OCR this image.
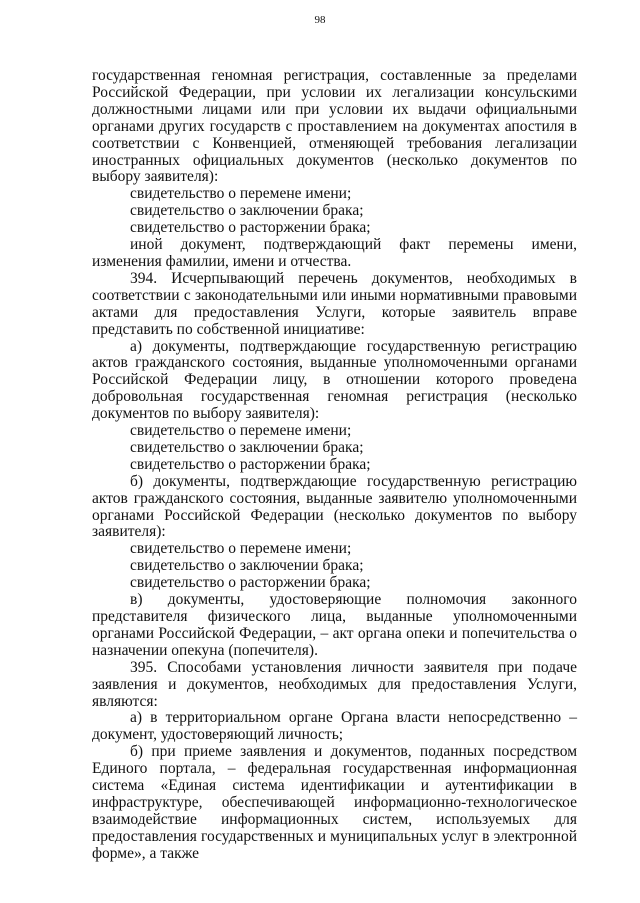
98

государственная геномная регистрация, составленные за пределами Российской Федерации, при условии их легализации консульскими должностными лицами или при условии их выдачи официальными органами других государств с проставлением на документах апостиля в соответствии с Конвенцией, отменяющей требования легализации иностранных официальных документов (несколько документов по выбору заявителя):

свидетельство о перемене имени;

свидетельство о заключении брака;

свидетельство о расторжении брака;

иной документ, подтверждающий факт перемены имени, изменения фамилии, имени и отчества.

394. Исчерпывающий перечень документов, необходимых в соответствии с законодательными или иными нормативными правовыми актами для предоставления Услуги, которые заявитель вправе представить по собственной инициативе:

а) документы, подтверждающие государственную регистрацию актов гражданского состояния, выданные уполномоченными органами Российской Федерации лицу, в отношении которого проведена добровольная государственная геномная регистрация (несколько документов по выбору заявителя):

свидетельство о перемене имени;

свидетельство о заключении брака;

свидетельство о расторжении брака;

б) документы, подтверждающие государственную регистрацию актов гражданского состояния, выданные заявителю уполномоченными органами Российской Федерации (несколько документов по выбору заявителя):

свидетельство о перемене имени;

свидетельство о заключении брака;

свидетельство о расторжении брака;

в) документы, удостоверяющие полномочия законного представителя физического лица, выданные уполномоченными органами Российской Федерации, – акт органа опеки и попечительства о назначении опекуна (попечителя).

395. Способами установления личности заявителя при подаче заявления и документов, необходимых для предоставления Услуги, являются:

а) в территориальном органе Органа власти непосредственно – документ, удостоверяющий личность;

б) при приеме заявления и документов, поданных посредством Единого портала, – федеральная государственная информационная система «Единая система идентификации и аутентификации в инфраструктуре, обеспечивающей информационно-технологическое взаимодействие информационных систем, используемых для предоставления государственных и муниципальных услуг в электронной форме», а также
